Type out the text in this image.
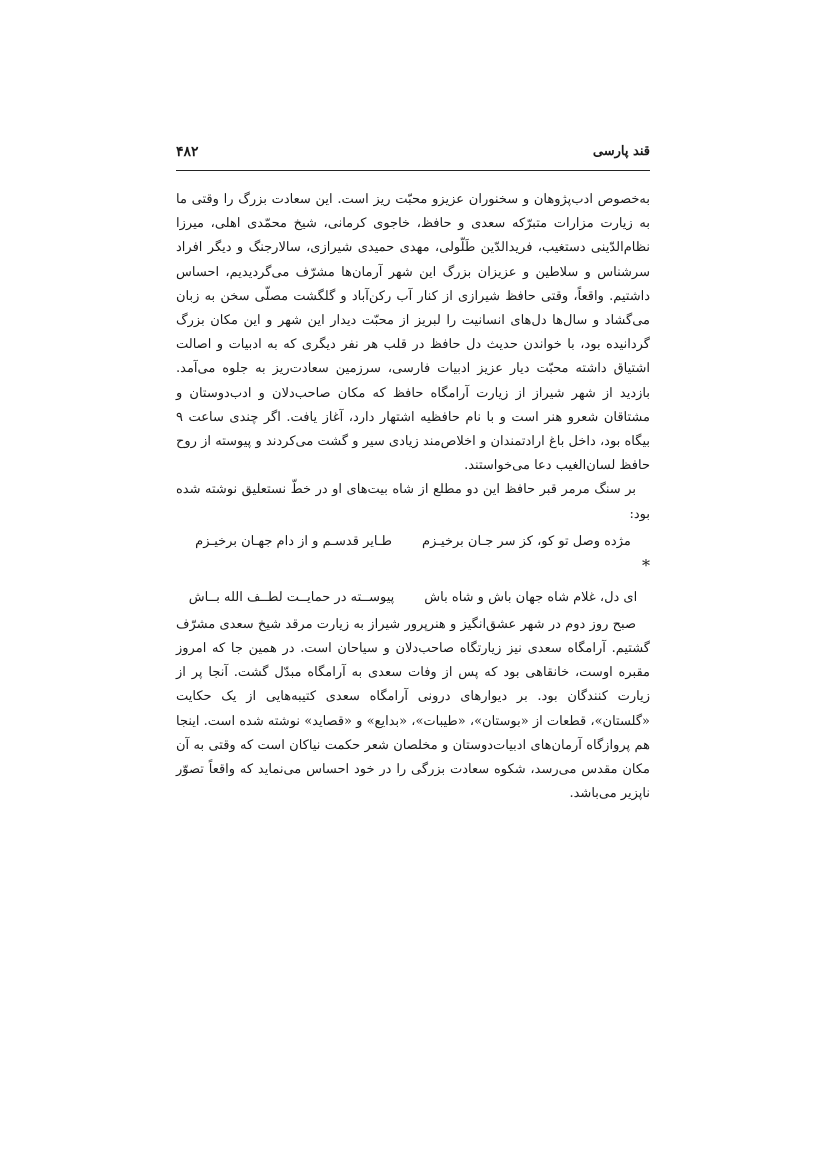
قند پارسی
۴۸۲

به‌خصوص ادب‌پژوهان و سخنوران عزیزو محبّت ریز است. این سعادت بزرگ را وقتی ما به زیارت مزارات متبرّکه سعدی و حافظ، خاجوی کرمانی، شیخ محمّدی اهلی، میرزا نظام‌الدّینی دستغیب، فریدالدّین طَلّولی، مهدی حمیدی شیرازی، سالارجنگ و دیگر افراد سرشناس و سلاطین و عزیزان بزرگ این شهر آرمان‌ها مشرّف می‌گردیدیم، احساس داشتیم. واقعاً، وقتی حافظ شیرازی از کنار آب رکن‌آباد و گلگشت مصلّی سخن به زبان می‌گشاد و سال‌ها دل‌های انسانیت را لبریز از محبّت دیدار این شهر و این مکان بزرگ گردانیده بود، با خواندن حدیث دل حافظ در قلب هر نفر دیگری که به ادبیات و اصالت اشتیاق داشته محبّت دیار عزیز ادبیات فارسی، سرزمین سعادت‌ریز به جلوه می‌آمد. بازدید از شهر شیراز از زیارت آرامگاه حافظ که مکان صاحب‌دلان و ادب‌دوستان و مشتاقان شعرو هنر است و با نام حافظیه اشتهار دارد، آغاز یافت. اگر چندی ساعت ۹ بیگاه بود، داخل باغ ارادتمندان و اخلاص‌مند زیادی سیر و گشت می‌کردند و پیوسته از روح حافظ لسان‌الغیب دعا می‌خواستند.

بر سنگ مرمر قبر حافظ این دو مطلع از شاه بیت‌های او در خطّ نستعلیق نوشته شده بود:

مژده وصل تو کو، کز سر جـان برخیـزم
طـایر قدسـم و از دام جهـان برخیـزم
*
ای دل، غلام شاه جهان باش و شاه باش
پیوســته در حمایــت لطــف الله بــاش

صبح روز دوم در شهر عشق‌انگیز و هنرپرور شیراز به زیارت مرقد شیخ سعدی مشرّف گشتیم. آرامگاه سعدی نیز زیارتگاه صاحب‌دلان و سیاحان است. در همین جا که امروز مقبره اوست، خانقاهی بود که پس از وفات سعدی به آرامگاه مبدّل گشت. آنجا پر از زیارت کنندگان بود. بر دیوارهای درونی آرامگاه سعدی کتیبه‌هایی از یک حکایت «گلستان»، قطعات از «بوستان»، «طیبات»، «بدایع» و «قصاید» نوشته شده است. اینجا هم پروازگاه آرمان‌های ادبیات‌دوستان و مخلصان شعر حکمت نیاکان است که وقتی به آن مکان مقدس می‌رسد، شکوه سعادت بزرگی را در خود احساس می‌نماید که واقعاً تصوّر ناپزیر می‌باشد.
